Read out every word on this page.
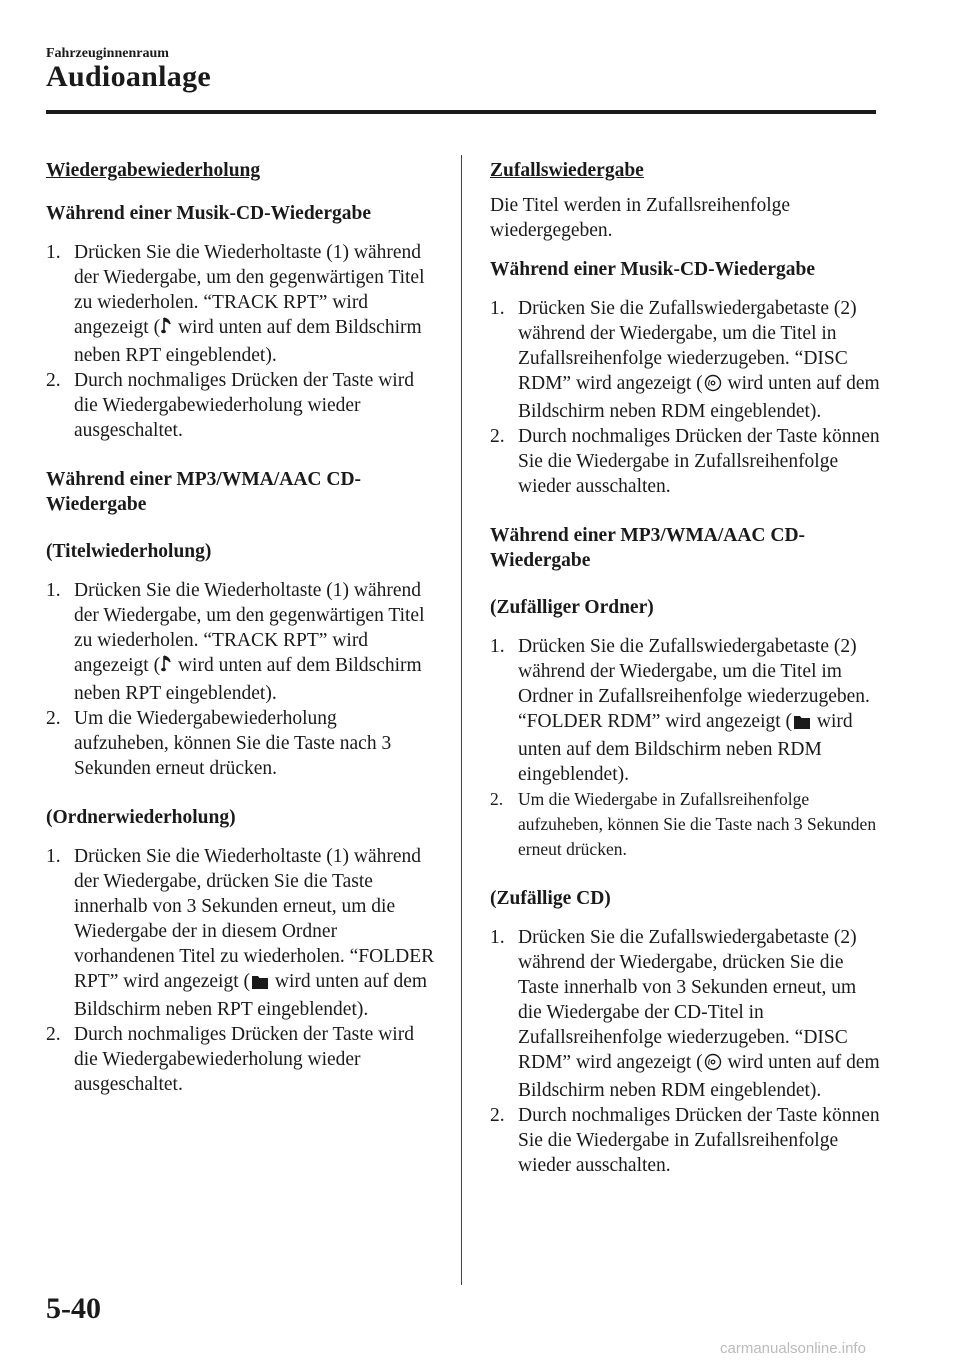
Fahrzeuginnenraum
Audioanlage
Wiedergabewiederholung
Während einer Musik-CD-Wiedergabe
1. Drücken Sie die Wiederholtaste (1) während der Wiedergabe, um den gegenwärtigen Titel zu wiederholen. “TRACK RPT” wird angezeigt ( wird unten auf dem Bildschirm neben RPT eingeblendet).
2. Durch nochmaliges Drücken der Taste wird die Wiedergabewiederholung wieder ausgeschaltet.
Während einer MP3/WMA/AAC CD-Wiedergabe
(Titelwiederholung)
1. Drücken Sie die Wiederholtaste (1) während der Wiedergabe, um den gegenwärtigen Titel zu wiederholen. “TRACK RPT” wird angezeigt ( wird unten auf dem Bildschirm neben RPT eingeblendet).
2. Um die Wiedergabewiederholung aufzuheben, können Sie die Taste nach 3 Sekunden erneut drücken.
(Ordnerwiederholung)
1. Drücken Sie die Wiederholtaste (1) während der Wiedergabe, drücken Sie die Taste innerhalb von 3 Sekunden erneut, um die Wiedergabe der in diesem Ordner vorhandenen Titel zu wiederholen. “FOLDER RPT” wird angezeigt ( wird unten auf dem Bildschirm neben RPT eingeblendet).
2. Durch nochmaliges Drücken der Taste wird die Wiedergabewiederholung wieder ausgeschaltet.
Zufallswiedergabe
Die Titel werden in Zufallsreihenfolge wiedergegeben.
Während einer Musik-CD-Wiedergabe
1. Drücken Sie die Zufallswiedergabetaste (2) während der Wiedergabe, um die Titel in Zufallsreihenfolge wiederzugeben. “DISC RDM” wird angezeigt ( wird unten auf dem Bildschirm neben RDM eingeblendet).
2. Durch nochmaliges Drücken der Taste können Sie die Wiedergabe in Zufallsreihenfolge wieder ausschalten.
Während einer MP3/WMA/AAC CD-Wiedergabe
(Zufälliger Ordner)
1. Drücken Sie die Zufallswiedergabetaste (2) während der Wiedergabe, um die Titel im Ordner in Zufallsreihenfolge wiederzugeben. “FOLDER RDM” wird angezeigt ( wird unten auf dem Bildschirm neben RDM eingeblendet).
2. Um die Wiedergabe in Zufallsreihenfolge aufzuheben, können Sie die Taste nach 3 Sekunden erneut drücken.
(Zufällige CD)
1. Drücken Sie die Zufallswiedergabetaste (2) während der Wiedergabe, drücken Sie die Taste innerhalb von 3 Sekunden erneut, um die Wiedergabe der CD-Titel in Zufallsreihenfolge wiederzugeben. “DISC RDM” wird angezeigt ( wird unten auf dem Bildschirm neben RDM eingeblendet).
2. Durch nochmaliges Drücken der Taste können Sie die Wiedergabe in Zufallsreihenfolge wieder ausschalten.
5-40
carmanualsonline.info
